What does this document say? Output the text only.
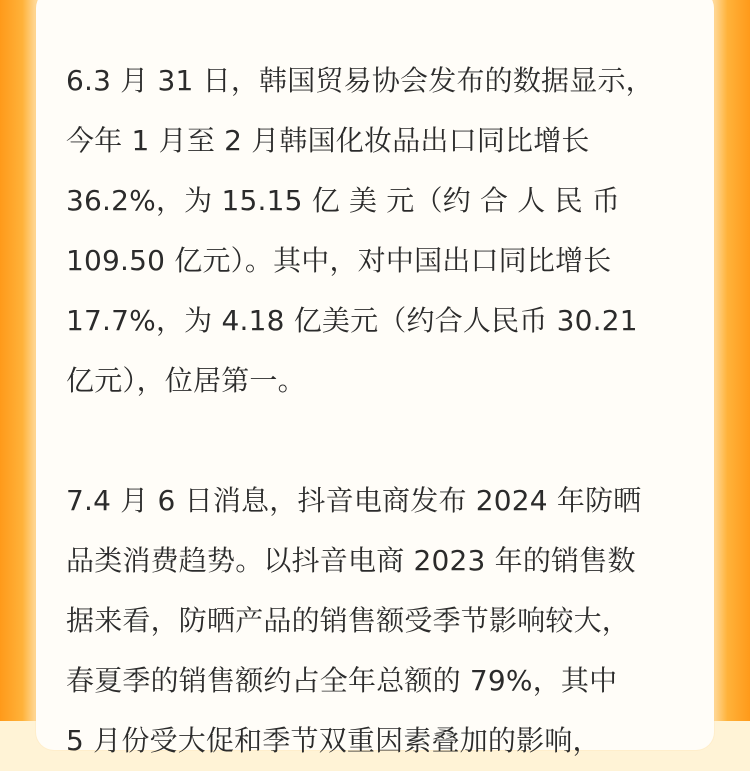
6.3 月 31 日，韩国贸易协会发布的数据显示，
今年 1 月至 2 月韩国化妆品出口同比增长
36.2%，为 15.15 亿 美 元（约 合 人 民 币
109.50 亿元）。其中，对中国出口同比增长
17.7%，为 4.18 亿美元（约合人民币 30.21
亿元），位居第一。

7.4 月 6 日消息，抖音电商发布 2024 年防晒
品类消费趋势。以抖音电商 2023 年的销售数
据来看，防晒产品的销售额受季节影响较大，
春夏季的销售额约占全年总额的 79%，其中
5 月份受大促和季节双重因素叠加的影响，
